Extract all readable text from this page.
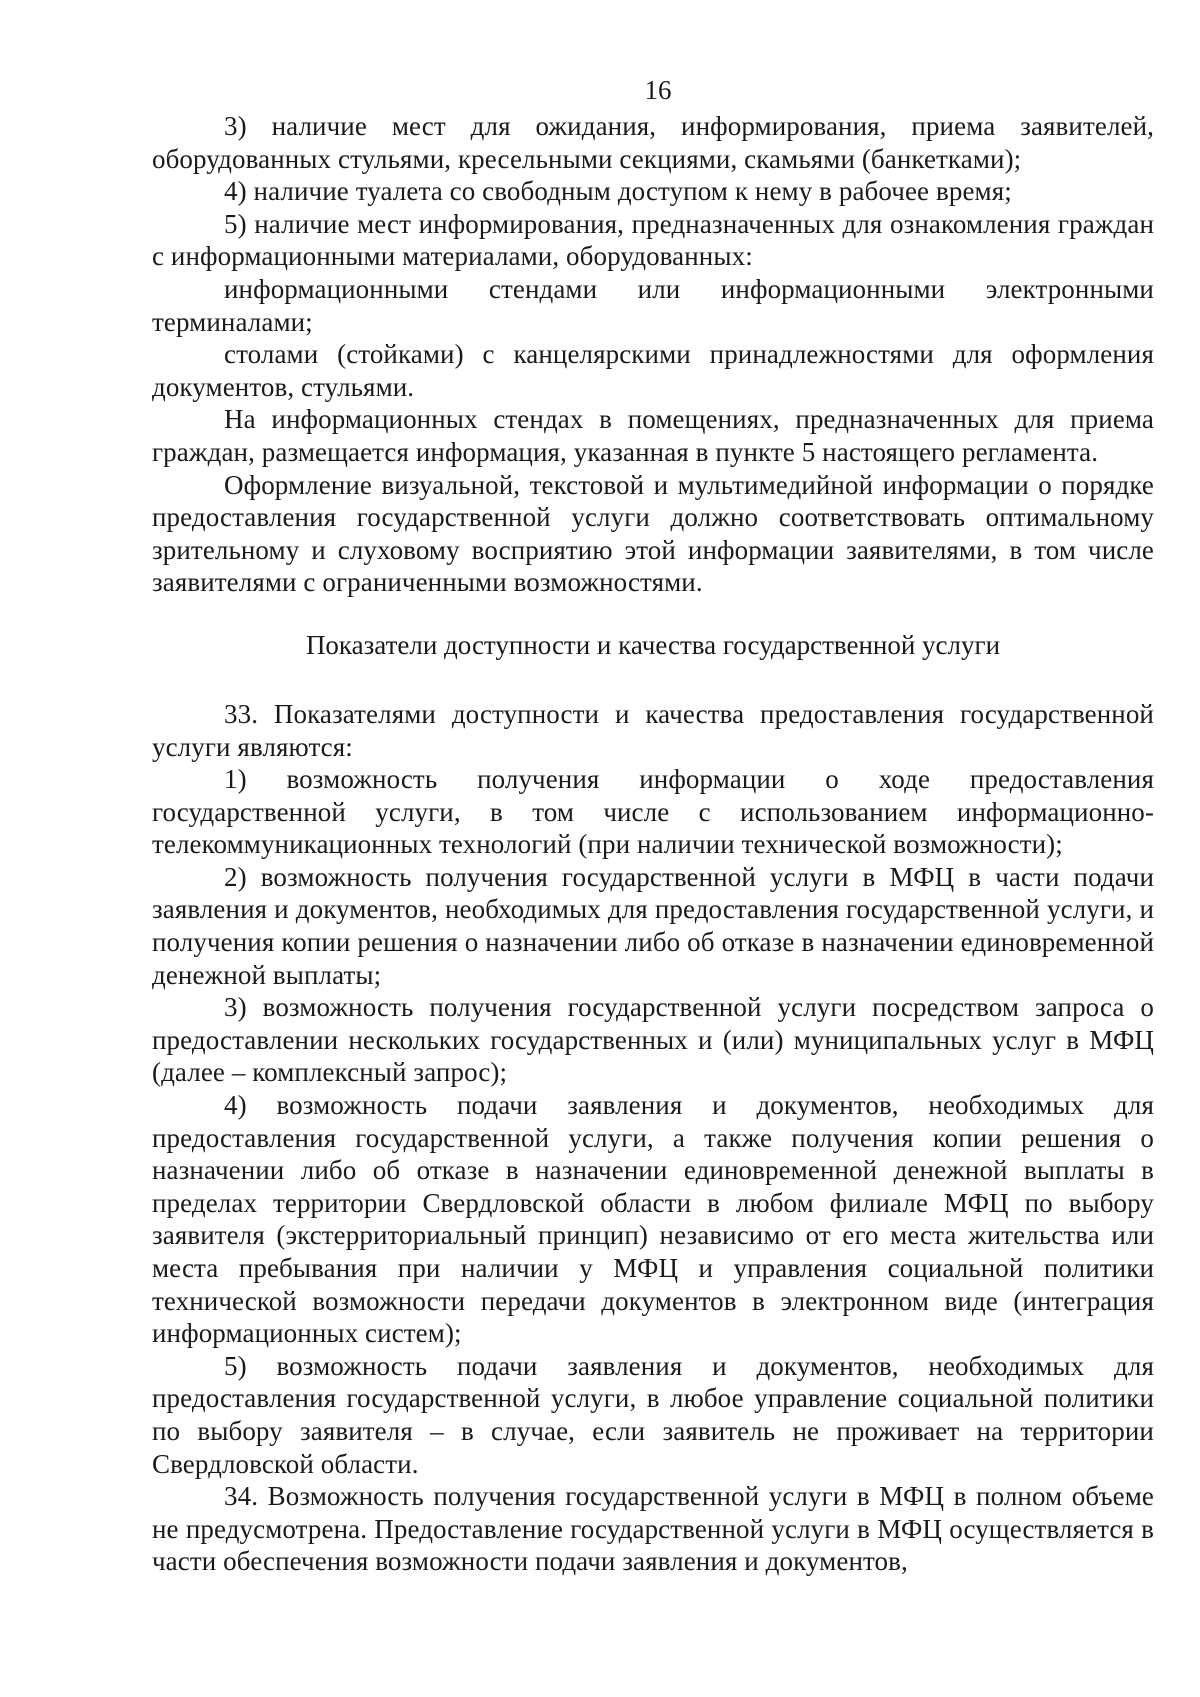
16

3) наличие мест для ожидания, информирования, приема заявителей, оборудованных стульями, кресельными секциями, скамьями (банкетками);

4) наличие туалета со свободным доступом к нему в рабочее время;

5) наличие мест информирования, предназначенных для ознакомления граждан с информационными материалами, оборудованных:

информационными стендами или информационными электронными терминалами;

столами (стойками) с канцелярскими принадлежностями для оформления документов, стульями.

На информационных стендах в помещениях, предназначенных для приема граждан, размещается информация, указанная в пункте 5 настоящего регламента.

Оформление визуальной, текстовой и мультимедийной информации о порядке предоставления государственной услуги должно соответствовать оптимальному зрительному и слуховому восприятию этой информации заявителями, в том числе заявителями с ограниченными возможностями.

Показатели доступности и качества государственной услуги

33. Показателями доступности и качества предоставления государственной услуги являются:

1) возможность получения информации о ходе предоставления государственной услуги, в том числе с использованием информационно-телекоммуникационных технологий (при наличии технической возможности);

2) возможность получения государственной услуги в МФЦ в части подачи заявления и документов, необходимых для предоставления государственной услуги, и получения копии решения о назначении либо об отказе в назначении единовременной денежной выплаты;

3) возможность получения государственной услуги посредством запроса о предоставлении нескольких государственных и (или) муниципальных услуг в МФЦ (далее – комплексный запрос);

4) возможность подачи заявления и документов, необходимых для предоставления государственной услуги, а также получения копии решения о назначении либо об отказе в назначении единовременной денежной выплаты в пределах территории Свердловской области в любом филиале МФЦ по выбору заявителя (экстерриториальный принцип) независимо от его места жительства или места пребывания при наличии у МФЦ и управления социальной политики технической возможности передачи документов в электронном виде (интеграция информационных систем);

5) возможность подачи заявления и документов, необходимых для предоставления государственной услуги, в любое управление социальной политики по выбору заявителя – в случае, если заявитель не проживает на территории Свердловской области.

34. Возможность получения государственной услуги в МФЦ в полном объеме не предусмотрена. Предоставление государственной услуги в МФЦ осуществляется в части обеспечения возможности подачи заявления и документов,
